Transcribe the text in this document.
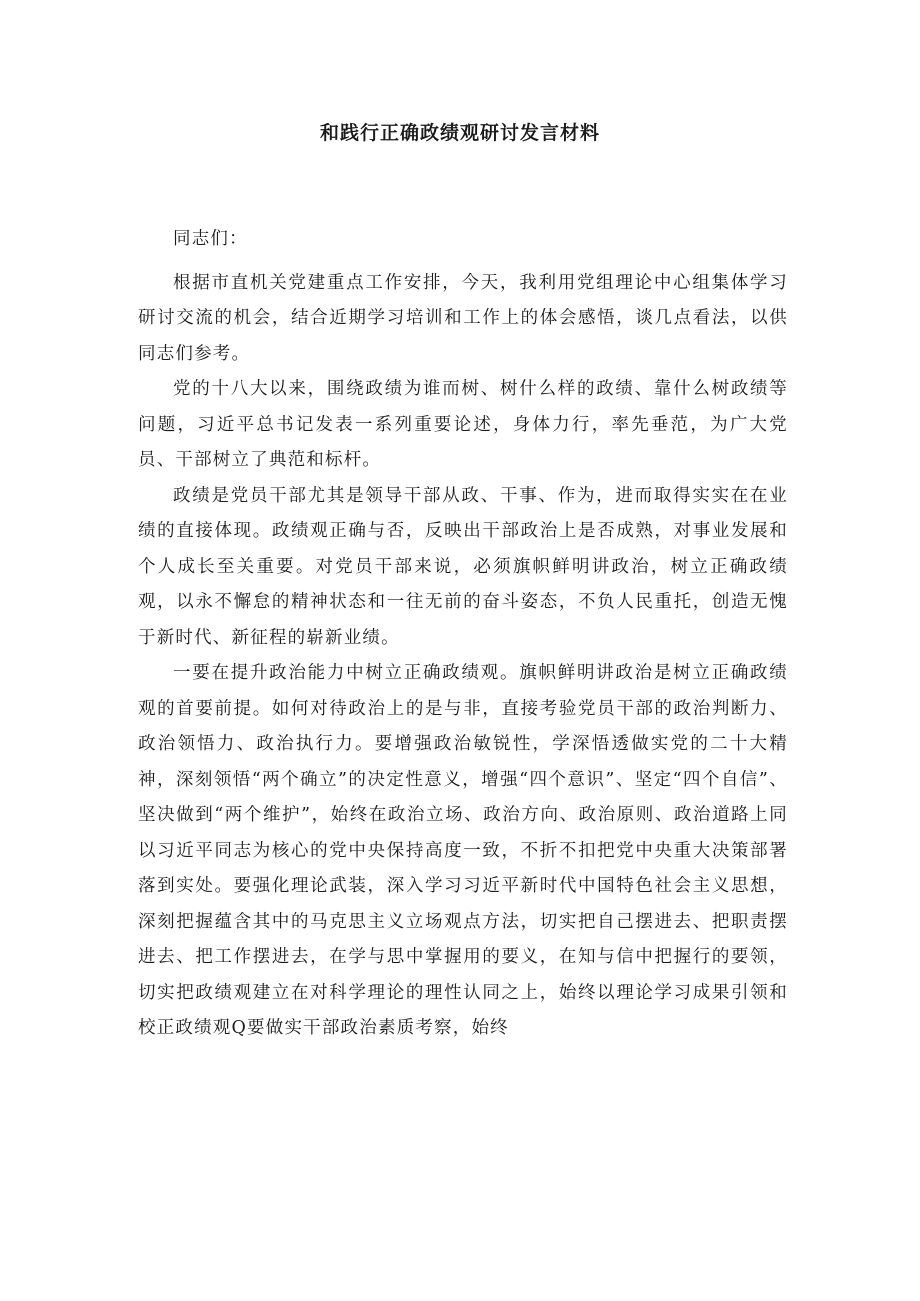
和践行正确政绩观研讨发言材料

同志们：

根据市直机关党建重点工作安排，今天，我利用党组理论中心组集体学习研讨交流的机会，结合近期学习培训和工作上的体会感悟，谈几点看法，以供同志们参考。

党的十八大以来，围绕政绩为谁而树、树什么样的政绩、靠什么树政绩等问题，习近平总书记发表一系列重要论述，身体力行，率先垂范，为广大党员、干部树立了典范和标杆。

政绩是党员干部尤其是领导干部从政、干事、作为，进而取得实实在在业绩的直接体现。政绩观正确与否，反映出干部政治上是否成熟，对事业发展和个人成长至关重要。对党员干部来说，必须旗帜鲜明讲政治，树立正确政绩观，以永不懈怠的精神状态和一往无前的奋斗姿态，不负人民重托，创造无愧于新时代、新征程的崭新业绩。

一要在提升政治能力中树立正确政绩观。旗帜鲜明讲政治是树立正确政绩观的首要前提。如何对待政治上的是与非，直接考验党员干部的政治判断力、政治领悟力、政治执行力。要增强政治敏锐性，学深悟透做实党的二十大精神，深刻领悟“两个确立”的决定性意义，增强“四个意识”、坚定“四个自信”、坚决做到“两个维护”，始终在政治立场、政治方向、政治原则、政治道路上同以习近平同志为核心的党中央保持高度一致，不折不扣把党中央重大决策部署落到实处。要强化理论武装，深入学习习近平新时代中国特色社会主义思想，深刻把握蕴含其中的马克思主义立场观点方法，切实把自己摆进去、把职责摆进去、把工作摆进去，在学与思中掌握用的要义，在知与信中把握行的要领，切实把政绩观建立在对科学理论的理性认同之上，始终以理论学习成果引领和校正政绩观Q要做实干部政治素质考察，始终
